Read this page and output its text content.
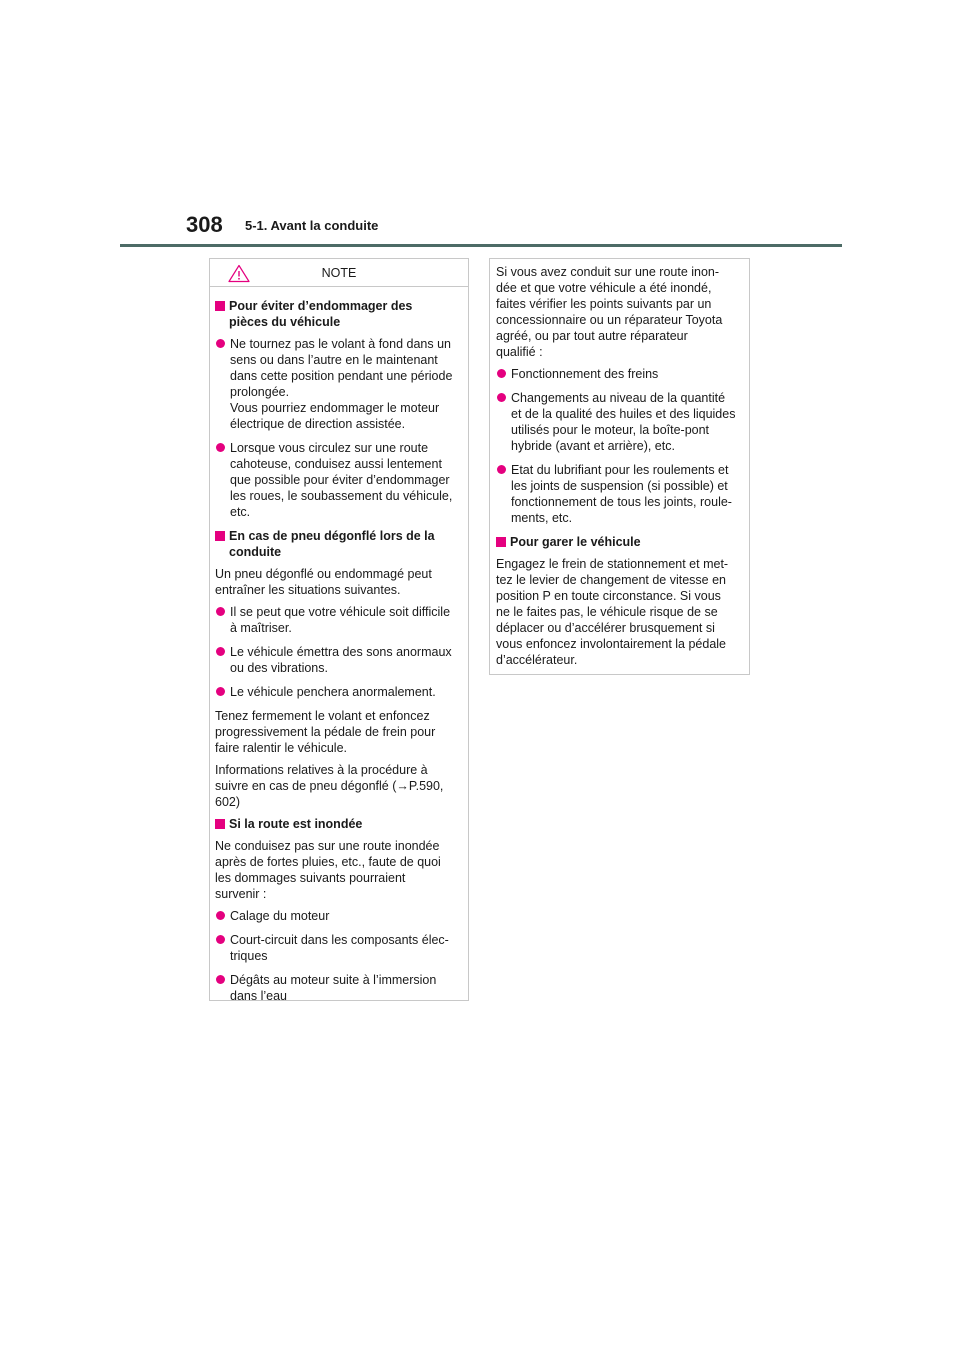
308 5-1. Avant la conduite
NOTE
Pour éviter d’endommager des
pièces du véhicule
Ne tournez pas le volant à fond dans un
sens ou dans l’autre en le maintenant
dans cette position pendant une période
prolongée.
Vous pourriez endommager le moteur
électrique de direction assistée.
Lorsque vous circulez sur une route
cahoteuse, conduisez aussi lentement
que possible pour éviter d’endommager
les roues, le soubassement du véhicule,
etc.
En cas de pneu dégonflé lors de la
conduite
Un pneu dégonflé ou endommagé peut
entraîner les situations suivantes.
Il se peut que votre véhicule soit difficile
à maîtriser.
Le véhicule émettra des sons anormaux
ou des vibrations.
Le véhicule penchera anormalement.
Tenez fermement le volant et enfoncez
progressivement la pédale de frein pour
faire ralentir le véhicule.
Informations relatives à la procédure à
suivre en cas de pneu dégonflé (→P.590,
602)
Si la route est inondée
Ne conduisez pas sur une route inondée
après de fortes pluies, etc., faute de quoi
les dommages suivants pourraient
survenir :
Calage du moteur
Court-circuit dans les composants élec-
triques
Dégâts au moteur suite à l’immersion
dans l’eau
Si vous avez conduit sur une route inon-
dée et que votre véhicule a été inondé,
faites vérifier les points suivants par un
concessionnaire ou un réparateur Toyota
agréé, ou par tout autre réparateur
qualifié :
Fonctionnement des freins
Changements au niveau de la quantité
et de la qualité des huiles et des liquides
utilisés pour le moteur, la boîte-pont
hybride (avant et arrière), etc.
Etat du lubrifiant pour les roulements et
les joints de suspension (si possible) et
fonctionnement de tous les joints, roule-
ments, etc.
Pour garer le véhicule
Engagez le frein de stationnement et met-
tez le levier de changement de vitesse en
position P en toute circonstance. Si vous
ne le faites pas, le véhicule risque de se
déplacer ou d’accélérer brusquement si
vous enfoncez involontairement la pédale
d’accélérateur.
